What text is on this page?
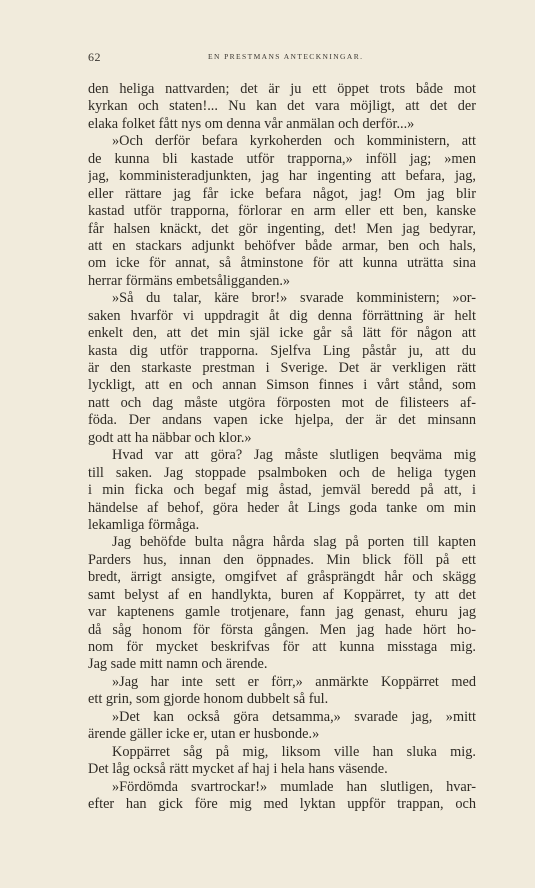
62	EN PRESTMANS ANTECKNINGAR.
den heliga nattvarden; det är ju ett öppet trots både mot
kyrkan och staten!... Nu kan det vara möjligt, att det der
elaka folket fått nys om denna vår anmälan och derför...»
»Och derför befara kyrkoherden och komministern, att
de kunna bli kastade utför trapporna,» inföll jag; »men
jag, komministeradjunkten, jag har ingenting att befara, jag,
eller rättare jag får icke befara något, jag! Om jag blir
kastad utför trapporna, förlorar en arm eller ett ben, kanske
får halsen knäckt, det gör ingenting, det! Men jag bedyrar,
att en stackars adjunkt behöfver både armar, ben och hals,
om icke för annat, så åtminstone för att kunna uträtta sina
herrar förmäns embetsåligganden.»
»Så du talar, käre bror!» svarade komministern; »or-
saken hvarför vi uppdragit åt dig denna förrättning är helt
enkelt den, att det min själ icke går så lätt för någon att
kasta dig utför trapporna. Sjelfva Ling påstår ju, att du
är den starkaste prestman i Sverige. Det är verkligen rätt
lyckligt, att en och annan Simson finnes i vårt stånd, som
natt och dag måste utgöra förposten mot de filisteers af-
föda. Der andans vapen icke hjelpa, der är det minsann
godt att ha näbbar och klor.»
Hvad var att göra? Jag måste slutligen beqväma mig
till saken. Jag stoppade psalmboken och de heliga tygen
i min ficka och begaf mig åstad, jemväl beredd på att, i
händelse af behof, göra heder åt Lings goda tanke om min
lekamliga förmåga.
Jag behöfde bulta några hårda slag på porten till kapten
Parders hus, innan den öppnades. Min blick föll på ett
bredt, ärrigt ansigte, omgifvet af gråsprängdt hår och skägg
samt belyst af en handlykta, buren af Koppärret, ty att det
var kaptenens gamle trotjenare, fann jag genast, ehuru jag
då såg honom för första gången. Men jag hade hört ho-
nom för mycket beskrifvas för att kunna misstaga mig.
Jag sade mitt namn och ärende.
»Jag har inte sett er förr,» anmärkte Koppärret med
ett grin, som gjorde honom dubbelt så ful.
»Det kan också göra detsamma,» svarade jag, »mitt
ärende gäller icke er, utan er husbonde.»
Koppärret såg på mig, liksom ville han sluka mig.
Det låg också rätt mycket af haj i hela hans väsende.
»Fördömda svartrockar!» mumlade han slutligen, hvar-
efter han gick före mig med lyktan uppför trappan, och
